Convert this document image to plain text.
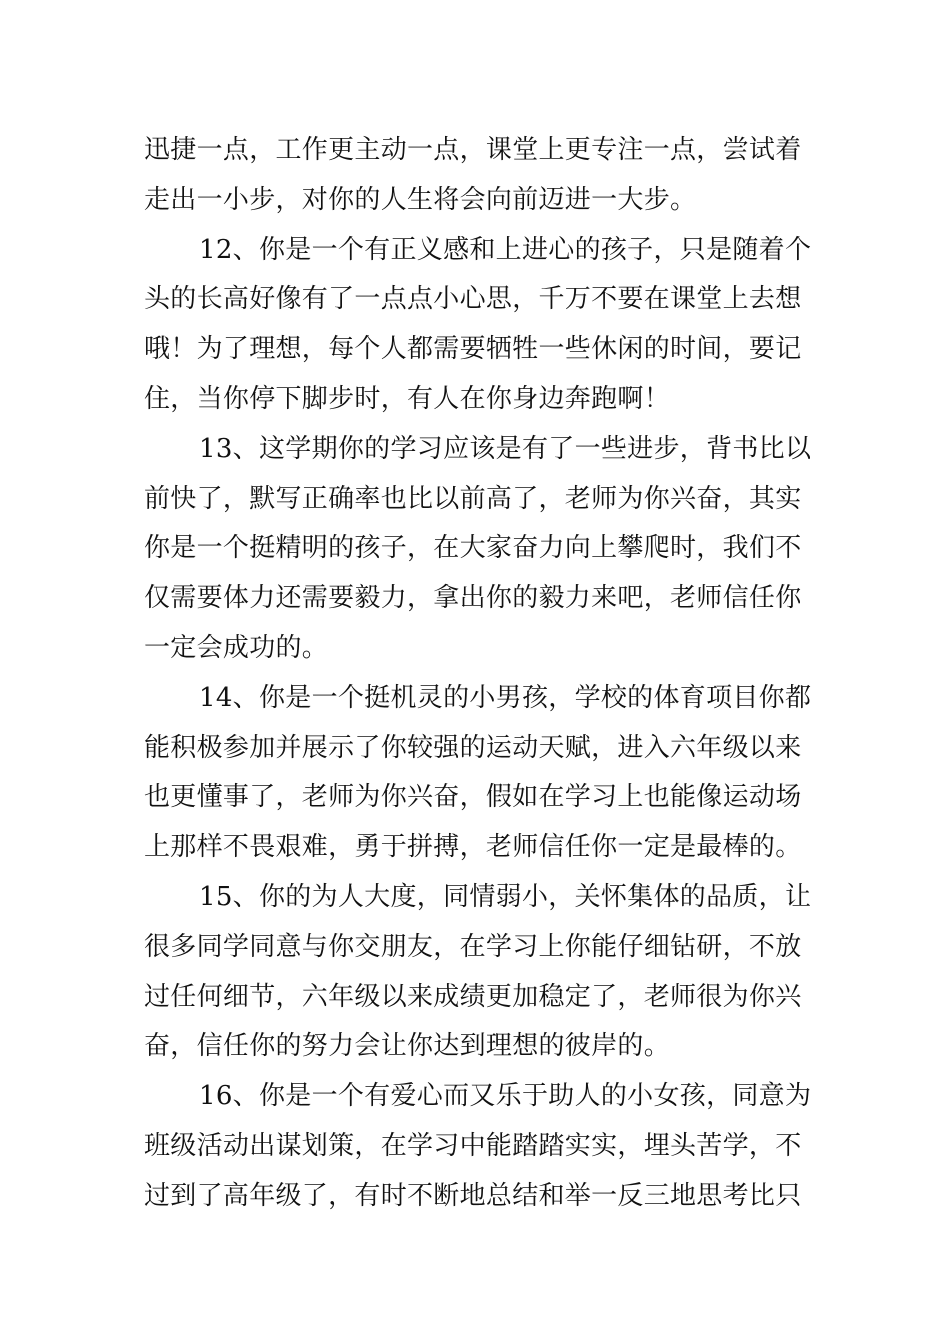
迅捷一点，工作更主动一点，课堂上更专注一点，尝试着
走出一小步，对你的人生将会向前迈进一大步。
12、你是一个有正义感和上进心的孩子，只是随着个
头的长高好像有了一点点小心思，千万不要在课堂上去想
哦！为了理想，每个人都需要牺牲一些休闲的时间，要记
住，当你停下脚步时，有人在你身边奔跑啊！
13、这学期你的学习应该是有了一些进步，背书比以
前快了，默写正确率也比以前高了，老师为你兴奋，其实
你是一个挺精明的孩子，在大家奋力向上攀爬时，我们不
仅需要体力还需要毅力，拿出你的毅力来吧，老师信任你
一定会成功的。
14、你是一个挺机灵的小男孩，学校的体育项目你都
能积极参加并展示了你较强的运动天赋，进入六年级以来
也更懂事了，老师为你兴奋，假如在学习上也能像运动场
上那样不畏艰难，勇于拼搏，老师信任你一定是最棒的。
15、你的为人大度，同情弱小，关怀集体的品质，让
很多同学同意与你交朋友，在学习上你能仔细钻研，不放
过任何细节，六年级以来成绩更加稳定了，老师很为你兴
奋，信任你的努力会让你达到理想的彼岸的。
16、你是一个有爱心而又乐于助人的小女孩，同意为
班级活动出谋划策，在学习中能踏踏实实，埋头苦学，不
过到了高年级了，有时不断地总结和举一反三地思考比只
